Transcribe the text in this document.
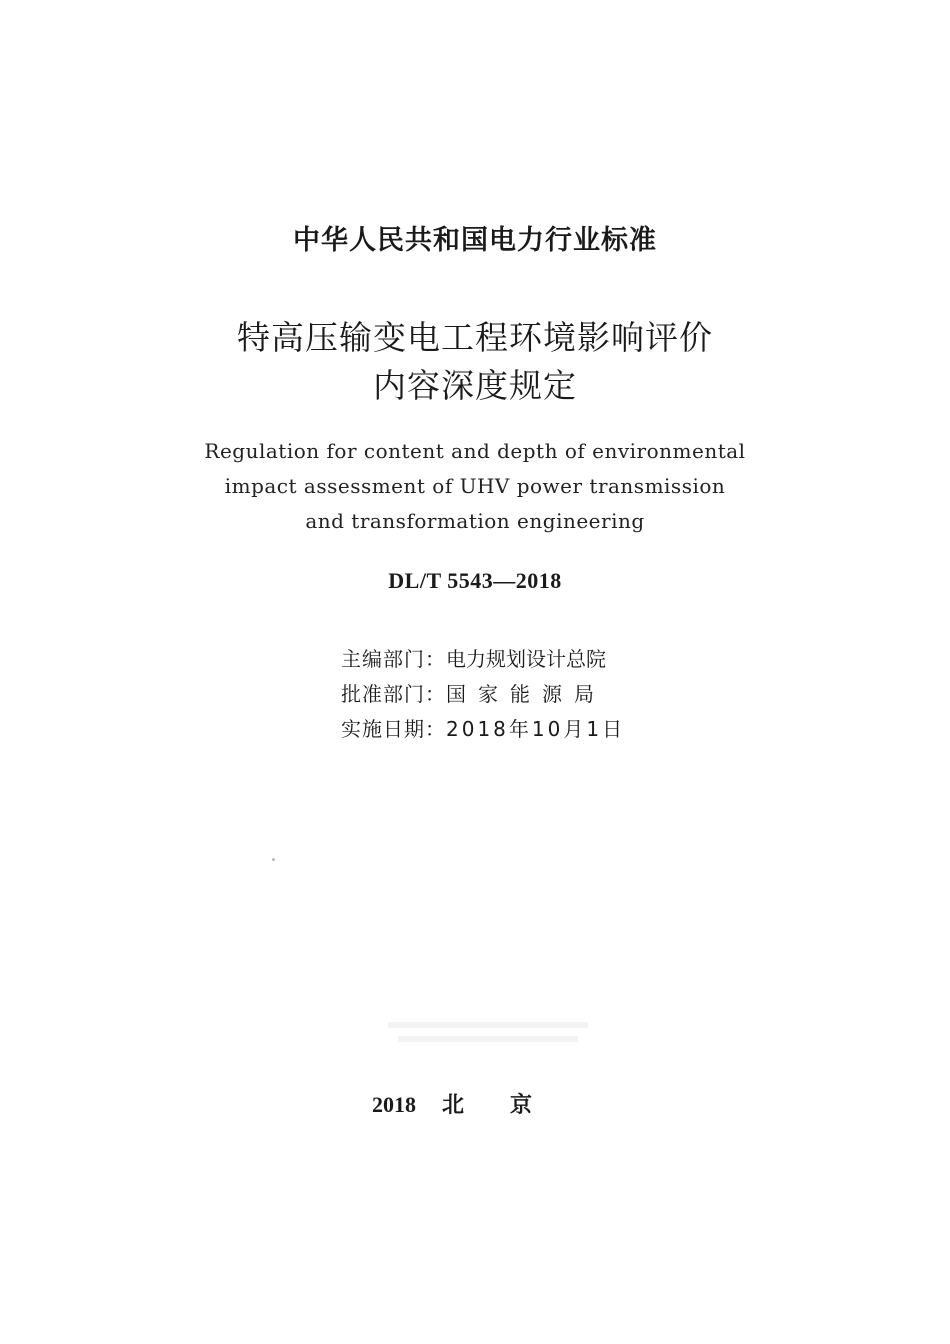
中华人民共和国电力行业标准
特高压输变电工程环境影响评价
内容深度规定
Regulation for content and depth of environmental
impact assessment of UHV power transmission
and transformation engineering
DL/T 5543—2018
主编部门：电力规划设计总院
批准部门：国家能源局
实施日期：2018年10月1日
2018 北京
